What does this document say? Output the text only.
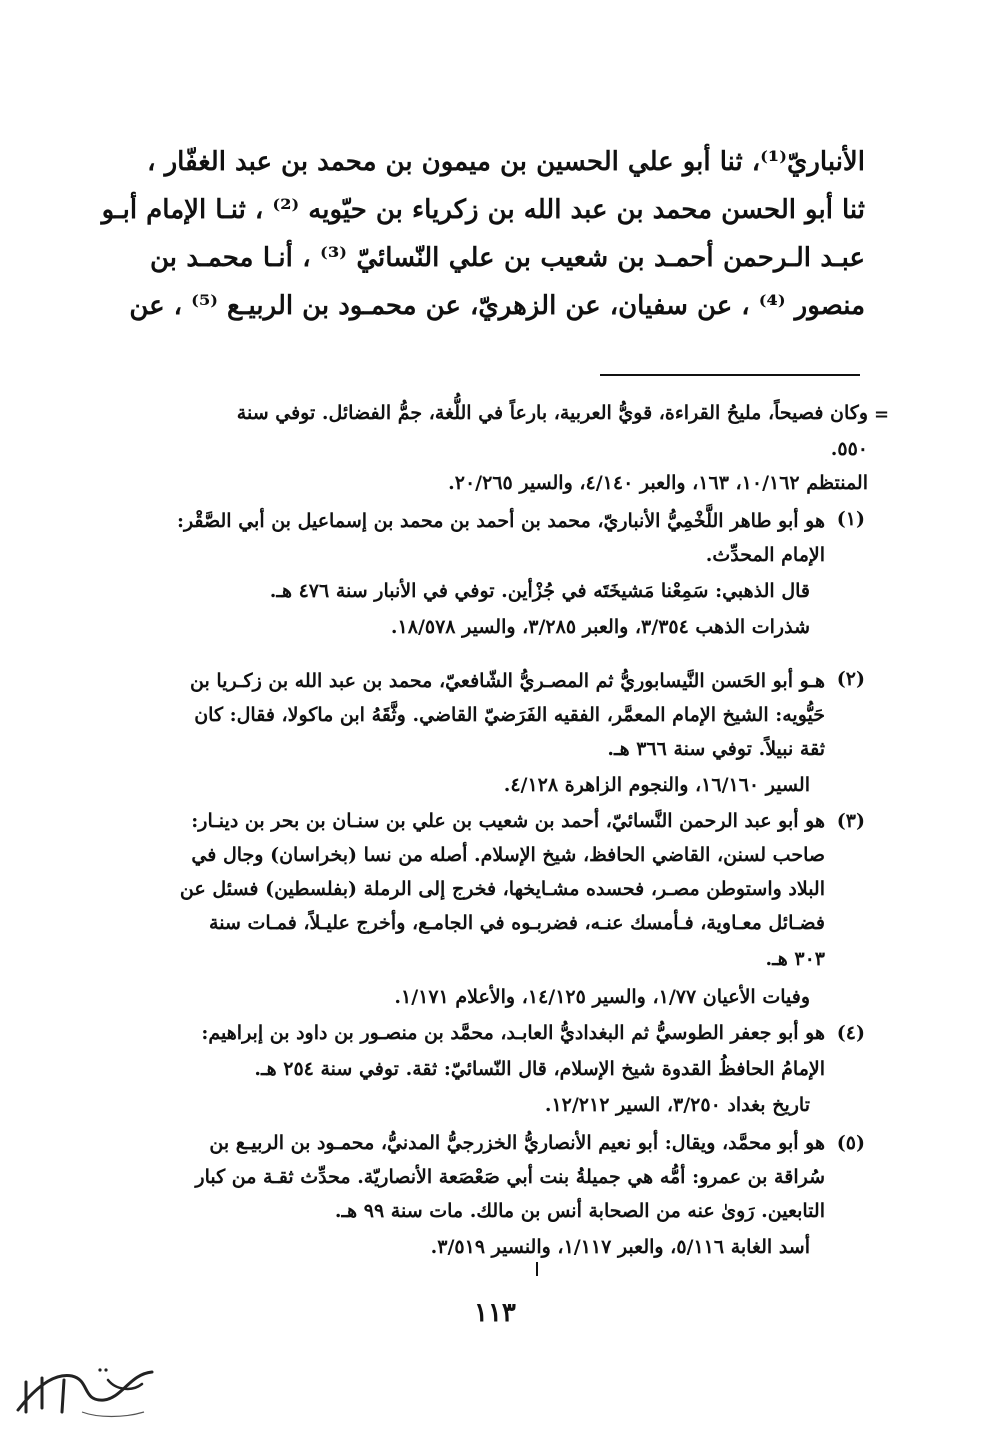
الأنباريّ⁽¹⁾، ثنا أبو علي الحسين بن ميمون بن محمد بن عبد الغفّار ،
ثنا أبو الحسن محمد بن عبد الله بن زكرياء بن حيّويه ⁽²⁾ ، ثنـا الإمام أبـو
عبـد الـرحمن أحمـد بن شعيب بن علي النّسائيّ ⁽³⁾ ، أنـا محمـد بن
منصور ⁽⁴⁾ ، عن سفيان، عن الزهريّ، عن محمـود بن الربيـع ⁽⁵⁾ ، عن
=
وكان فصيحاً، مليحُ القراءة، قويُّ العربية، بارعاً في اللُّغة، جمُّ الفضائل. توفي سنة
٥٥٠.
المنتظم ١٠/١٦٢، ١٦٣، والعبر ٤/١٤٠، والسير ٢٠/٢٦٥.
(١)
هو أبو طاهر اللَّخْمِيُّ الأنباريّ، محمد بن أحمد بن محمد بن إسماعيل بن أبي الصَّقْر:
الإمام المحدِّث.
قال الذهبي: سَمِعْنا مَشيخَتَه في جُزْأين. توفي في الأنبار سنة ٤٧٦ هـ.
شذرات الذهب ٣/٣٥٤، والعبر ٣/٢٨٥، والسير ١٨/٥٧٨.
(٢)
هـو أبو الحَسن النَّيسابوريُّ ثم المصـريُّ الشّافعيّ، محمد بن عبد الله بن زكـريا بن
حَيُّويه: الشيخ الإمام المعمَّر، الفقيه الفَرَضيّ القاضي. وثَّقَهُ ابن ماكولا، فقال: كان
ثقة نبيلاً. توفي سنة ٣٦٦ هـ.
السير ١٦/١٦٠، والنجوم الزاهرة ٤/١٢٨.
(٣)
هو أبو عبد الرحمن النَّسائيّ، أحمد بن شعيب بن علي بن سنـان بن بحر بن دينـار:
صاحب لسنن، القاضي الحافظ، شيخ الإسلام. أصله من نسا (بخراسان) وجال في
البلاد واستوطن مصـر، فحسده مشـايخها، فخرج إلى الرملة (بفلسطين) فسئل عن
فضـائل معـاوية، فـأمسك عنـه، فضربـوه في الجامـع، وأخرج عليـلاً، فمـات سنة
٣٠٣ هـ.
وفيات الأعيان ١/٧٧، والسير ١٤/١٢٥، والأعلام ١/١٧١.
(٤)
هو أبو جعفر الطوسيُّ ثم البغداديُّ العابـد، محمَّد بن منصـور بن داود بن إبراهيم:
الإمامُ الحافظُ القدوة شيخ الإسلام، قال النّسائيّ: ثقة. توفي سنة ٢٥٤ هـ.
تاريخ بغداد ٣/٢٥٠، السير ١٢/٢١٢.
(٥)
هو أبو محمَّد، ويقال: أبو نعيم الأنصاريُّ الخزرجيُّ المدنيُّ، محمـود بن الربيـع بن
سُراقة بن عمرو: أمُّه هي جميلةُ بنت أبي صَعْصَعة الأنصاريّة. محدِّث ثقـة من كبار
التابعين. رَوىٰ عنه من الصحابة أنس بن مالك. مات سنة ٩٩ هـ.
أسد الغابة ٥/١١٦، والعبر ١/١١٧، والنسير ٣/٥١٩.
١١٣
